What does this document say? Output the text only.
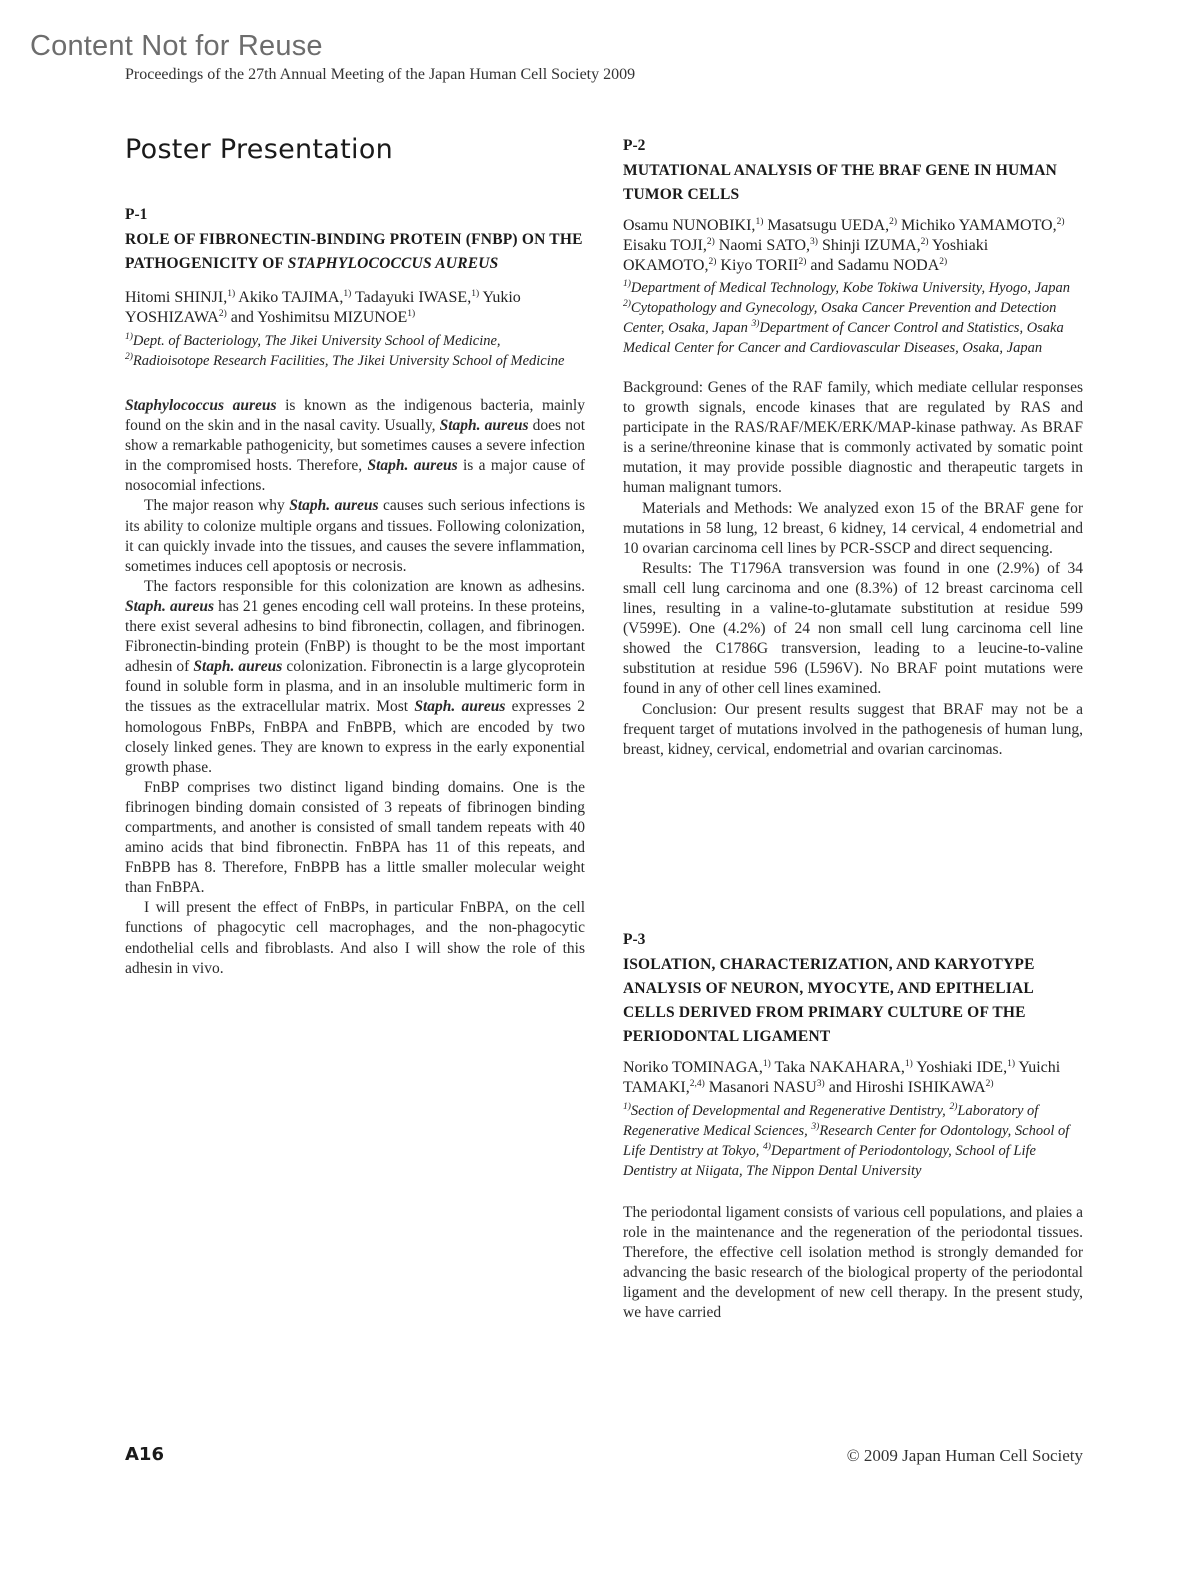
Content Not for Reuse
Proceedings of the 27th Annual Meeting of the Japan Human Cell Society 2009
Poster Presentation
P-1
ROLE OF FIBRONECTIN-BINDING PROTEIN (FNBP) ON THE PATHOGENICITY OF STAPHYLOCOCCUS AUREUS
Hitomi SHINJI,$^{1)}$ Akiko TAJIMA,$^{1)}$ Tadayuki IWASE,$^{1)}$ Yukio YOSHIZAWA$^{2)}$ and Yoshimitsu MIZUNOE$^{1)}$
$^{1)}$Dept. of Bacteriology, The Jikei University School of Medicine, $^{2)}$Radioisotope Research Facilities, The Jikei University School of Medicine

Staphylococcus aureus is known as the indigenous bacteria, mainly found on the skin and in the nasal cavity. Usually, Staph. aureus does not show a remarkable pathogenicity, but sometimes causes a severe infection in the compromised hosts. Therefore, Staph. aureus is a major cause of nosocomial infections.

The major reason why Staph. aureus causes such serious infections is its ability to colonize multiple organs and tissues. Following colonization, it can quickly invade into the tissues, and causes the severe inflammation, sometimes induces cell apoptosis or necrosis.

The factors responsible for this colonization are known as adhesins. Staph. aureus has 21 genes encoding cell wall proteins. In these proteins, there exist several adhesins to bind fibronectin, collagen, and fibrinogen. Fibronectin-binding protein (FnBP) is thought to be the most important adhesin of Staph. aureus colonization. Fibronectin is a large glycoprotein found in soluble form in plasma, and in an insoluble multimeric form in the tissues as the extracellular matrix. Most Staph. aureus expresses 2 homologous FnBPs, FnBPA and FnBPB, which are encoded by two closely linked genes. They are known to express in the early exponential growth phase.

FnBP comprises two distinct ligand binding domains. One is the fibrinogen binding domain consisted of 3 repeats of fibrinogen binding compartments, and another is consisted of small tandem repeats with 40 amino acids that bind fibronectin. FnBPA has 11 of this repeats, and FnBPB has 8. Therefore, FnBPB has a little smaller molecular weight than FnBPA.

I will present the effect of FnBPs, in particular FnBPA, on the cell functions of phagocytic cell macrophages, and the non-phagocytic endothelial cells and fibroblasts. And also I will show the role of this adhesin in vivo.

P-2
MUTATIONAL ANALYSIS OF THE BRAF GENE IN HUMAN TUMOR CELLS
Osamu NUNOBIKI,$^{1)}$ Masatsugu UEDA,$^{2)}$ Michiko YAMAMOTO,$^{2)}$ Eisaku TOJI,$^{2)}$ Naomi SATO,$^{3)}$ Shinji IZUMA,$^{2)}$ Yoshiaki OKAMOTO,$^{2)}$ Kiyo TORII$^{2)}$ and Sadamu NODA$^{2)}$
$^{1)}$Department of Medical Technology, Kobe Tokiwa University, Hyogo, Japan $^{2)}$Cytopathology and Gynecology, Osaka Cancer Prevention and Detection Center, Osaka, Japan $^{3)}$Department of Cancer Control and Statistics, Osaka Medical Center for Cancer and Cardiovascular Diseases, Osaka, Japan

Background: Genes of the RAF family, which mediate cellular responses to growth signals, encode kinases that are regulated by RAS and participate in the RAS/RAF/MEK/ERK/MAP-kinase pathway. As BRAF is a serine/threonine kinase that is commonly activated by somatic point mutation, it may provide possible diagnostic and therapeutic targets in human malignant tumors.

Materials and Methods: We analyzed exon 15 of the BRAF gene for mutations in 58 lung, 12 breast, 6 kidney, 14 cervical, 4 endometrial and 10 ovarian carcinoma cell lines by PCR-SSCP and direct sequencing.

Results: The T1796A transversion was found in one (2.9%) of 34 small cell lung carcinoma and one (8.3%) of 12 breast carcinoma cell lines, resulting in a valine-to-glutamate substitution at residue 599 (V599E). One (4.2%) of 24 non small cell lung carcinoma cell line showed the C1786G transversion, leading to a leucine-to-valine substitution at residue 596 (L596V). No BRAF point mutations were found in any of other cell lines examined.

Conclusion: Our present results suggest that BRAF may not be a frequent target of mutations involved in the pathogenesis of human lung, breast, kidney, cervical, endometrial and ovarian carcinomas.

P-3
ISOLATION, CHARACTERIZATION, AND KARYOTYPE ANALYSIS OF NEURON, MYOCYTE, AND EPITHELIAL CELLS DERIVED FROM PRIMARY CULTURE OF THE PERIODONTAL LIGAMENT
Noriko TOMINAGA,$^{1)}$ Taka NAKAHARA,$^{1)}$ Yoshiaki IDE,$^{1)}$ Yuichi TAMAKI,$^{2,4)}$ Masanori NASU$^{3)}$ and Hiroshi ISHIKAWA$^{2)}$
$^{1)}$Section of Developmental and Regenerative Dentistry, $^{2)}$Laboratory of Regenerative Medical Sciences, $^{3)}$Research Center for Odontology, School of Life Dentistry at Tokyo, $^{4)}$Department of Periodontology, School of Life Dentistry at Niigata, The Nippon Dental University

The periodontal ligament consists of various cell populations, and plaies a role in the maintenance and the regeneration of the periodontal tissues. Therefore, the effective cell isolation method is strongly demanded for advancing the basic research of the biological property of the periodontal ligament and the development of new cell therapy. In the present study, we have carried

A16	© 2009 Japan Human Cell Society
